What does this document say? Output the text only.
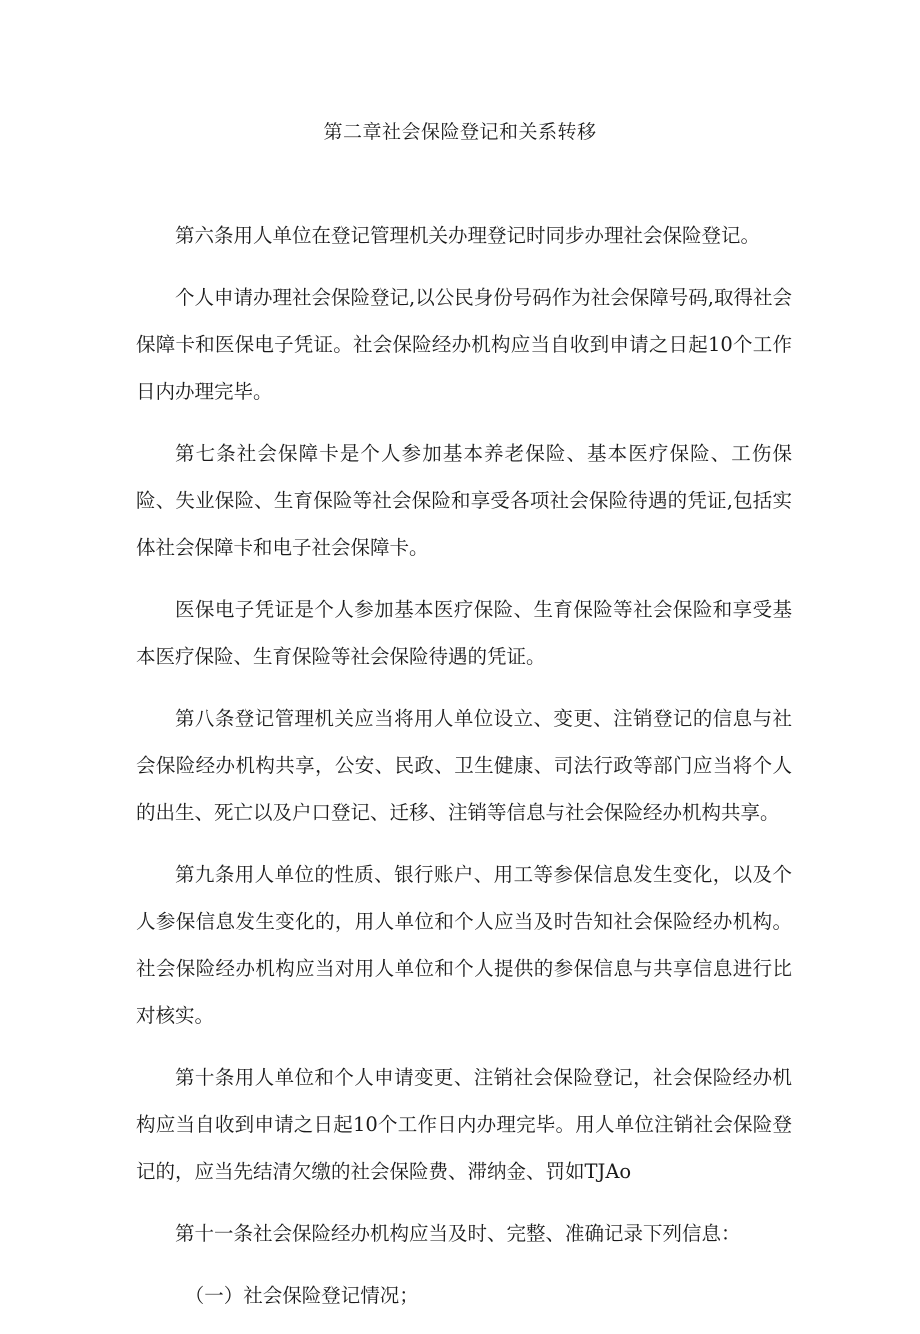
第二章社会保险登记和关系转移

第六条用人单位在登记管理机关办理登记时同步办理社会保险登记。

个人申请办理社会保险登记,以公民身份号码作为社会保障号码,取得社会保障卡和医保电子凭证。社会保险经办机构应当自收到申请之日起10个工作日内办理完毕。

第七条社会保障卡是个人参加基本养老保险、基本医疗保险、工伤保险、失业保险、生育保险等社会保险和享受各项社会保险待遇的凭证,包括实体社会保障卡和电子社会保障卡。

医保电子凭证是个人参加基本医疗保险、生育保险等社会保险和享受基本医疗保险、生育保险等社会保险待遇的凭证。

第八条登记管理机关应当将用人单位设立、变更、注销登记的信息与社会保险经办机构共享，公安、民政、卫生健康、司法行政等部门应当将个人的出生、死亡以及户口登记、迁移、注销等信息与社会保险经办机构共享。

第九条用人单位的性质、银行账户、用工等参保信息发生变化，以及个人参保信息发生变化的，用人单位和个人应当及时告知社会保险经办机构。社会保险经办机构应当对用人单位和个人提供的参保信息与共享信息进行比对核实。

第十条用人单位和个人申请变更、注销社会保险登记，社会保险经办机构应当自收到申请之日起10个工作日内办理完毕。用人单位注销社会保险登记的，应当先结清欠缴的社会保险费、滞纳金、罚如TJAo

第十一条社会保险经办机构应当及时、完整、准确记录下列信息：

（一）社会保险登记情况；
